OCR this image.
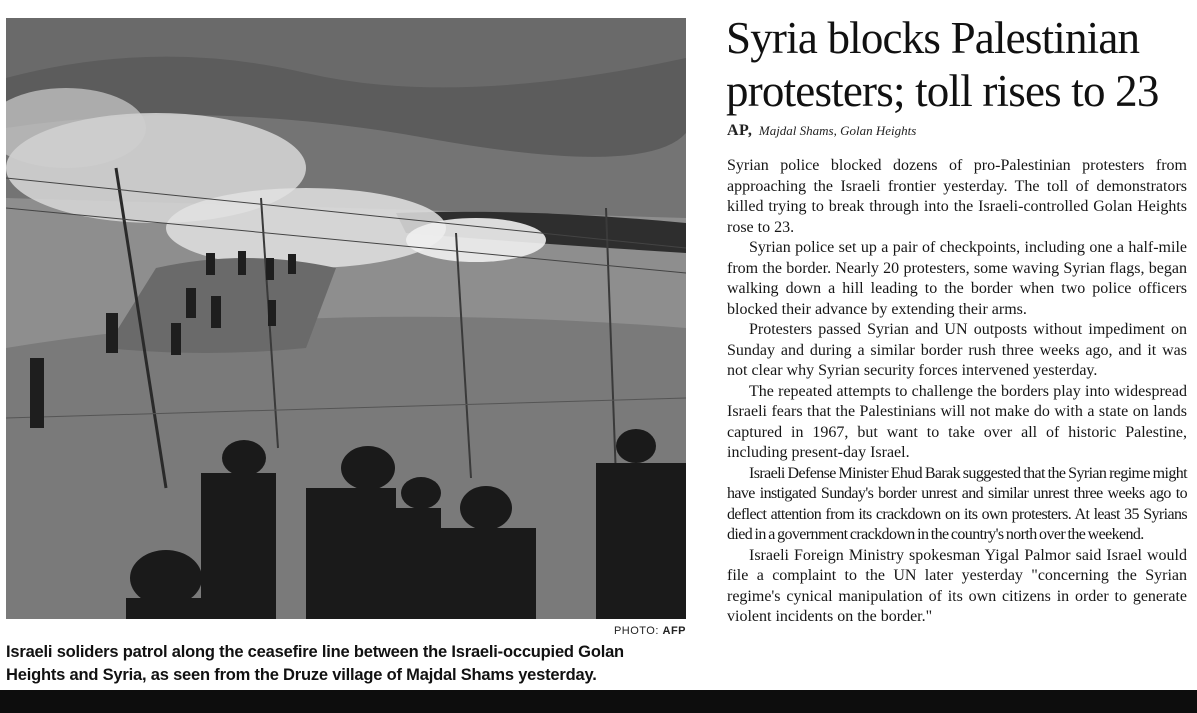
PHOTO: AFP
Israeli soliders patrol along the ceasefire line between the Israeli-occupied Golan Heights and Syria, as seen from the Druze village of Majdal Shams yesterday.
Syria blocks Palestinian protesters; toll rises to 23
AP, Majdal Shams, Golan Heights

Syrian police blocked dozens of pro-Palestinian protesters from approaching the Israeli frontier yesterday. The toll of demonstrators killed trying to break through into the Israeli-controlled Golan Heights rose to 23.

Syrian police set up a pair of checkpoints, including one a half-mile from the border. Nearly 20 protesters, some waving Syrian flags, began walking down a hill leading to the border when two police officers blocked their advance by extending their arms.

Protesters passed Syrian and UN outposts without impediment on Sunday and during a similar border rush three weeks ago, and it was not clear why Syrian security forces intervened yesterday.

The repeated attempts to challenge the borders play into widespread Israeli fears that the Palestinians will not make do with a state on lands captured in 1967, but want to take over all of historic Palestine, including present-day Israel.

Israeli Defense Minister Ehud Barak suggested that the Syrian regime might have instigated Sunday's border unrest and similar unrest three weeks ago to deflect attention from its crackdown on its own protesters. At least 35 Syrians died in a government crackdown in the country's north over the weekend.

Israeli Foreign Ministry spokesman Yigal Palmor said Israel would file a complaint to the UN later yesterday "concerning the Syrian regime's cynical manipulation of its own citizens in order to generate violent incidents on the border."
